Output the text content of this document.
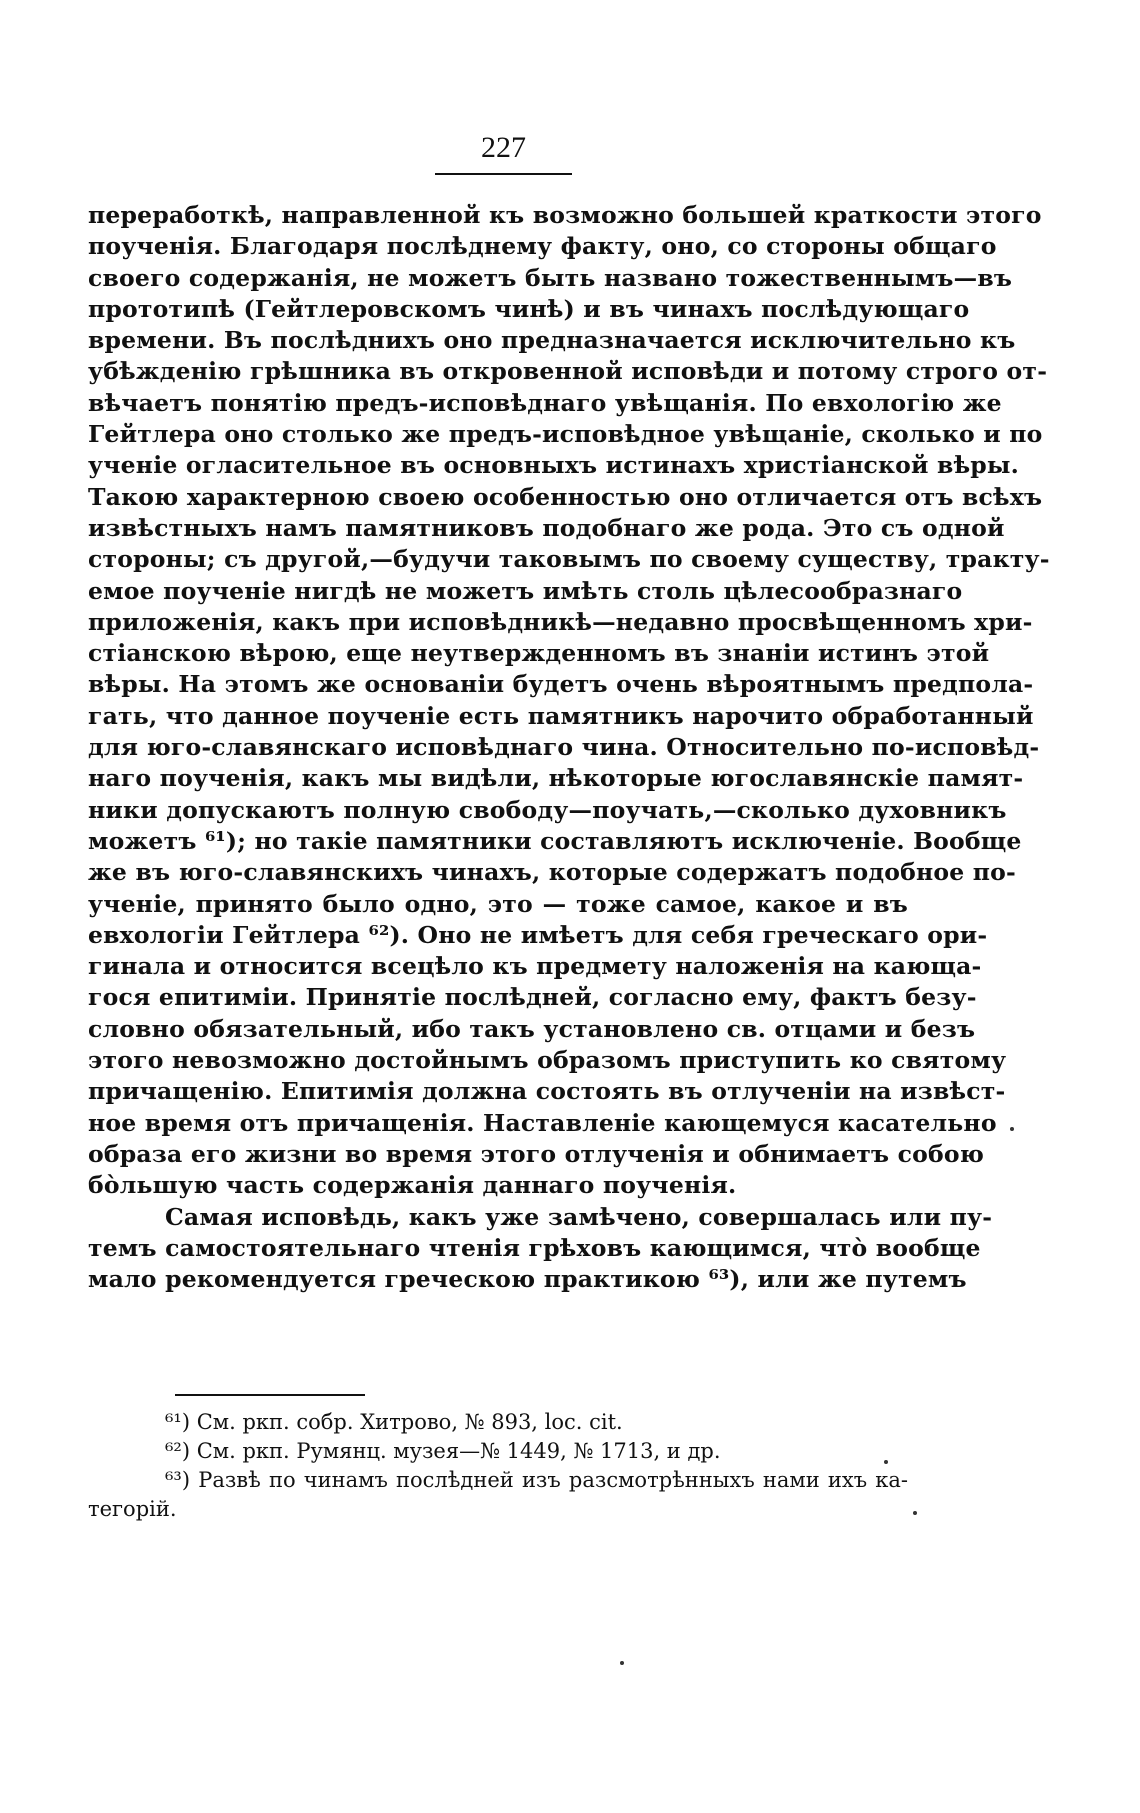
227
переработкѣ, направленной къ возможно большей краткости этого
поученія. Благодаря послѣднему факту, оно, со стороны общаго
своего содержанія, не можетъ быть названо тожественнымъ—въ
прототипѣ (Гейтлеровскомъ чинѣ) и въ чинахъ послѣдующаго
времени. Въ послѣднихъ оно предназначается исключительно къ
убѣжденію грѣшника въ откровенной исповѣди и потому строго от-
вѣчаетъ понятію предъ-исповѣднаго увѣщанія. По евхологію же
Гейтлера оно столько же предъ-исповѣдное увѣщаніе, сколько и по
ученіе огласительное въ основныхъ истинахъ христіанской вѣры.
Такою характерною своею особенностью оно отличается отъ всѣхъ
извѣстныхъ намъ памятниковъ подобнаго же рода. Это съ одной
стороны; съ другой,—будучи таковымъ по своему существу, тракту-
емое поученіе нигдѣ не можетъ имѣть столь цѣлесообразнаго
приложенія, какъ при исповѣдникѣ—недавно просвѣщенномъ хри-
стіанскою вѣрою, еще неутвержденномъ въ знаніи истинъ этой
вѣры. На этомъ же основаніи будетъ очень вѣроятнымъ предпола-
гать, что данное поученіе есть памятникъ нарочито обработанный
для юго-славянскаго исповѣднаго чина. Относительно по-исповѣд-
наго поученія, какъ мы видѣли, нѣкоторые югославянскіе памят-
ники допускаютъ полную свободу—поучать,—сколько духовникъ
можетъ ⁶¹); но такіе памятники составляютъ исключеніе. Вообще
же въ юго-славянскихъ чинахъ, которые содержатъ подобное по-
ученіе, принято было одно, это — тоже самое, какое и въ
евхологіи Гейтлера ⁶²). Оно не имѣетъ для себя греческаго ори-
гинала и относится всецѣло къ предмету наложенія на кающа-
гося епитиміи. Принятіе послѣдней, согласно ему, фактъ безу-
словно обязательный, ибо такъ установлено св. отцами и безъ
этого невозможно достойнымъ образомъ приступить ко святому
причащенію. Епитимія должна состоять въ отлученіи на извѣст-
ное время отъ причащенія. Наставленіе кающемуся касательно
образа его жизни во время этого отлученія и обнимаетъ собою
бо̀льшую часть содержанія даннаго поученія.
Самая исповѣдь, какъ уже замѣчено, совершалась или пу-
темъ самостоятельнаго чтенія грѣховъ кающимся, что̀ вообще
мало рекомендуется греческою практикою ⁶³), или же путемъ
⁶¹) См. ркп. собр. Хитрово, № 893, loc. cit.
⁶²) См. ркп. Румянц. музея—№ 1449, № 1713, и др.
⁶³) Развѣ по чинамъ послѣдней изъ разсмотрѣнныхъ нами ихъ ка-
тегорій.
